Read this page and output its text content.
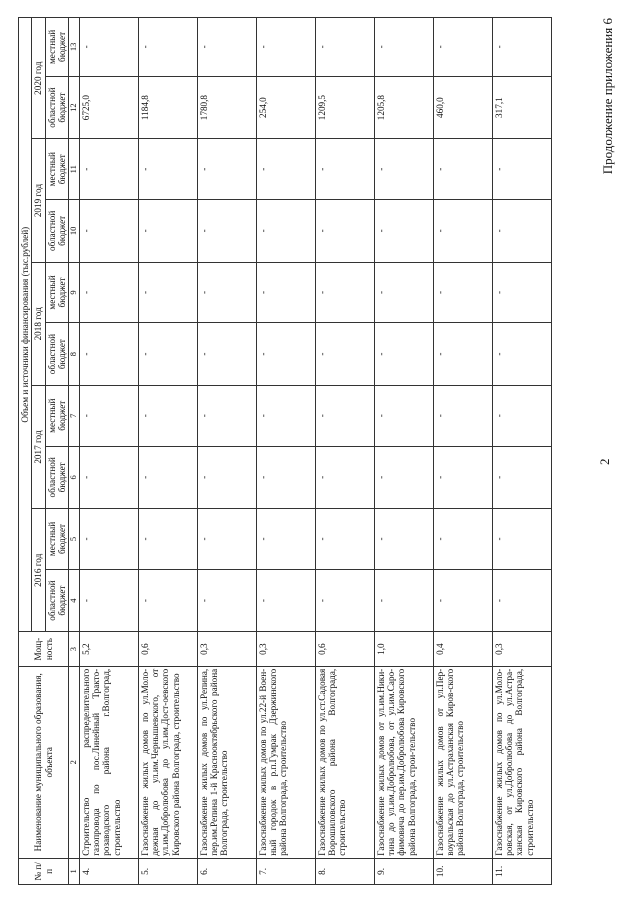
№ п/п	Наименование муниципального образования, объекта	Мощ-ность	Объем и источники финансирования (тыс.рублей)									
			2016 год		2017 год		2018 год		2019 год		2020 год	
			областной бюджет	местный бюджет	областной бюджет	местный бюджет	областной бюджет	местный бюджет	областной бюджет	местный бюджет	областной бюджет	местный бюджет
1	2	3	4	5	6	7	8	9	10	11	12	13
4.	Строительство распределительного газопровода по пос.Линейный Тракто-розаводского района г.Волгоград, строительство	5,2	-	-	-	-	-	-	-	-	6725,0	-
5.	Газоснабжение жилых домов по ул.Моло-дежная до ул.им.Чернышевского, от ул.им.Добролюбова до ул.им.Дост-оевского Кировского района Волгограда, строительство	0,6	-	-	-	-	-	-	-	-	1184,8	-
6.	Газоснабжение жилых домов по ул.Репина, пер.им.Репина 1-й Краснооктябрьского района Волгограда, строительство	0,3	-	-	-	-	-	-	-	-	1780,8	-
7.	Газоснабжение жилых домов по ул.22-й Воен-ный городок в р.п.Гумрак Дзержинского района Волгограда, строительство	0,3	-	-	-	-	-	-	-	-	254,0	-
8.	Газоснабжение жилых домов по ул.ст.Садовая Ворошиловского района Волгограда, строительство	0,6	-	-	-	-	-	-	-	-	1209,5	-
9.	Газоснабжение жилых домов от ул.им.Ники-тина до ул.им.Добролюбова, от ул.им.Саро-фимовича до пер.им.Добролюбова Кировского района Волгограда, строи-тельство	1,0	-	-	-	-	-	-	-	-	1205,8	-
10.	Газоснабжение жилых домов от ул.Пер-воуральская до ул.Астраханская Киров-ского района Волгограда, строительство	0,4	-	-	-	-	-	-	-	-	460,0	-
11.	Газоснабжение жилых домов по ул.Моло-ровская, от ул.Добролюбова до ул.Астра-ханская Кировского района Волгограда, строительство	0,3	-	-	-	-	-	-	-	-	317,1	-
2
Продолжение приложения 6
